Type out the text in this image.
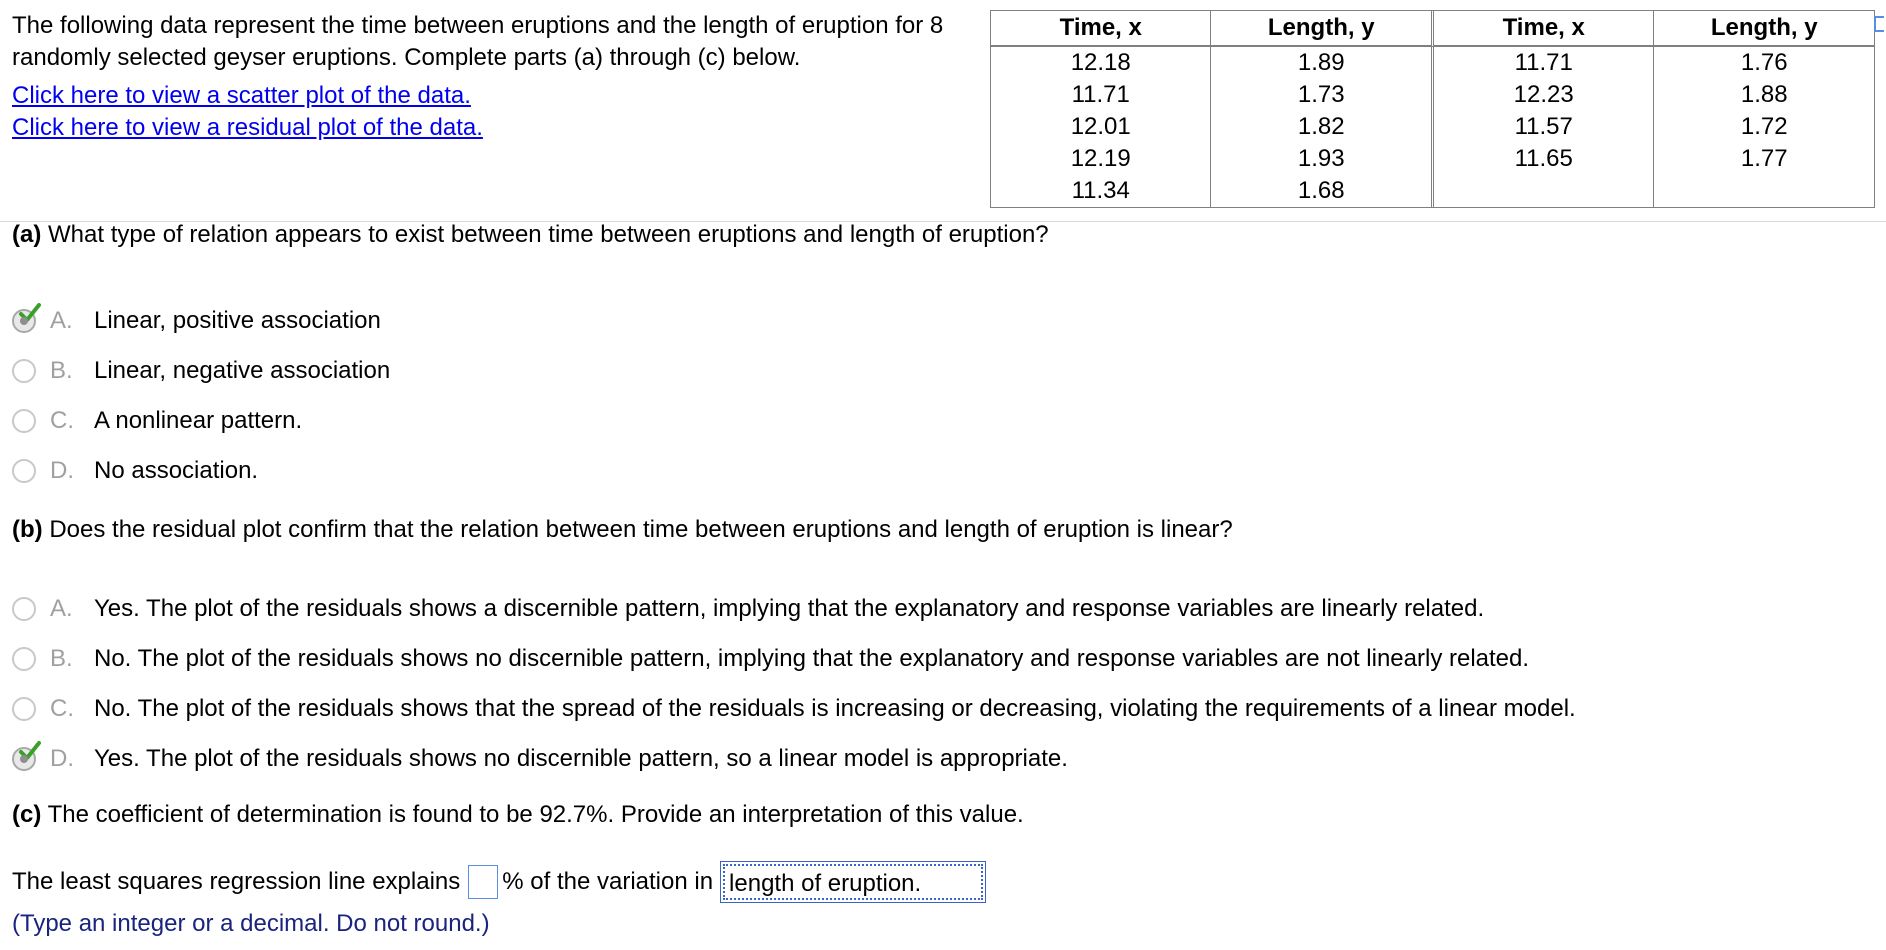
The following data represent the time between eruptions and the length of eruption for 8 randomly selected geyser eruptions. Complete parts (a) through (c) below.

Click here to view a scatter plot of the data.
Click here to view a residual plot of the data.
Time, x	Length, y	Time, x	Length, y
12.18	1.89	11.71	1.76
11.71	1.73	12.23	1.88
12.01	1.82	11.57	1.72
12.19	1.93	11.65	1.77
11.34	1.68		

(a) What type of relation appears to exist between time between eruptions and length of eruption?

A. Linear, positive association
B. Linear, negative association
C. A nonlinear pattern.
D. No association.

(b) Does the residual plot confirm that the relation between time between eruptions and length of eruption is linear?

A. Yes. The plot of the residuals shows a discernible pattern, implying that the explanatory and response variables are linearly related.
B. No. The plot of the residuals shows no discernible pattern, implying that the explanatory and response variables are not linearly related.
C. No. The plot of the residuals shows that the spread of the residuals is increasing or decreasing, violating the requirements of a linear model.
D. Yes. The plot of the residuals shows no discernible pattern, so a linear model is appropriate.

(c) The coefficient of determination is found to be 92.7%. Provide an interpretation of this value.

The least squares regression line explains % of the variation in length of eruption.
(Type an integer or a decimal. Do not round.)
